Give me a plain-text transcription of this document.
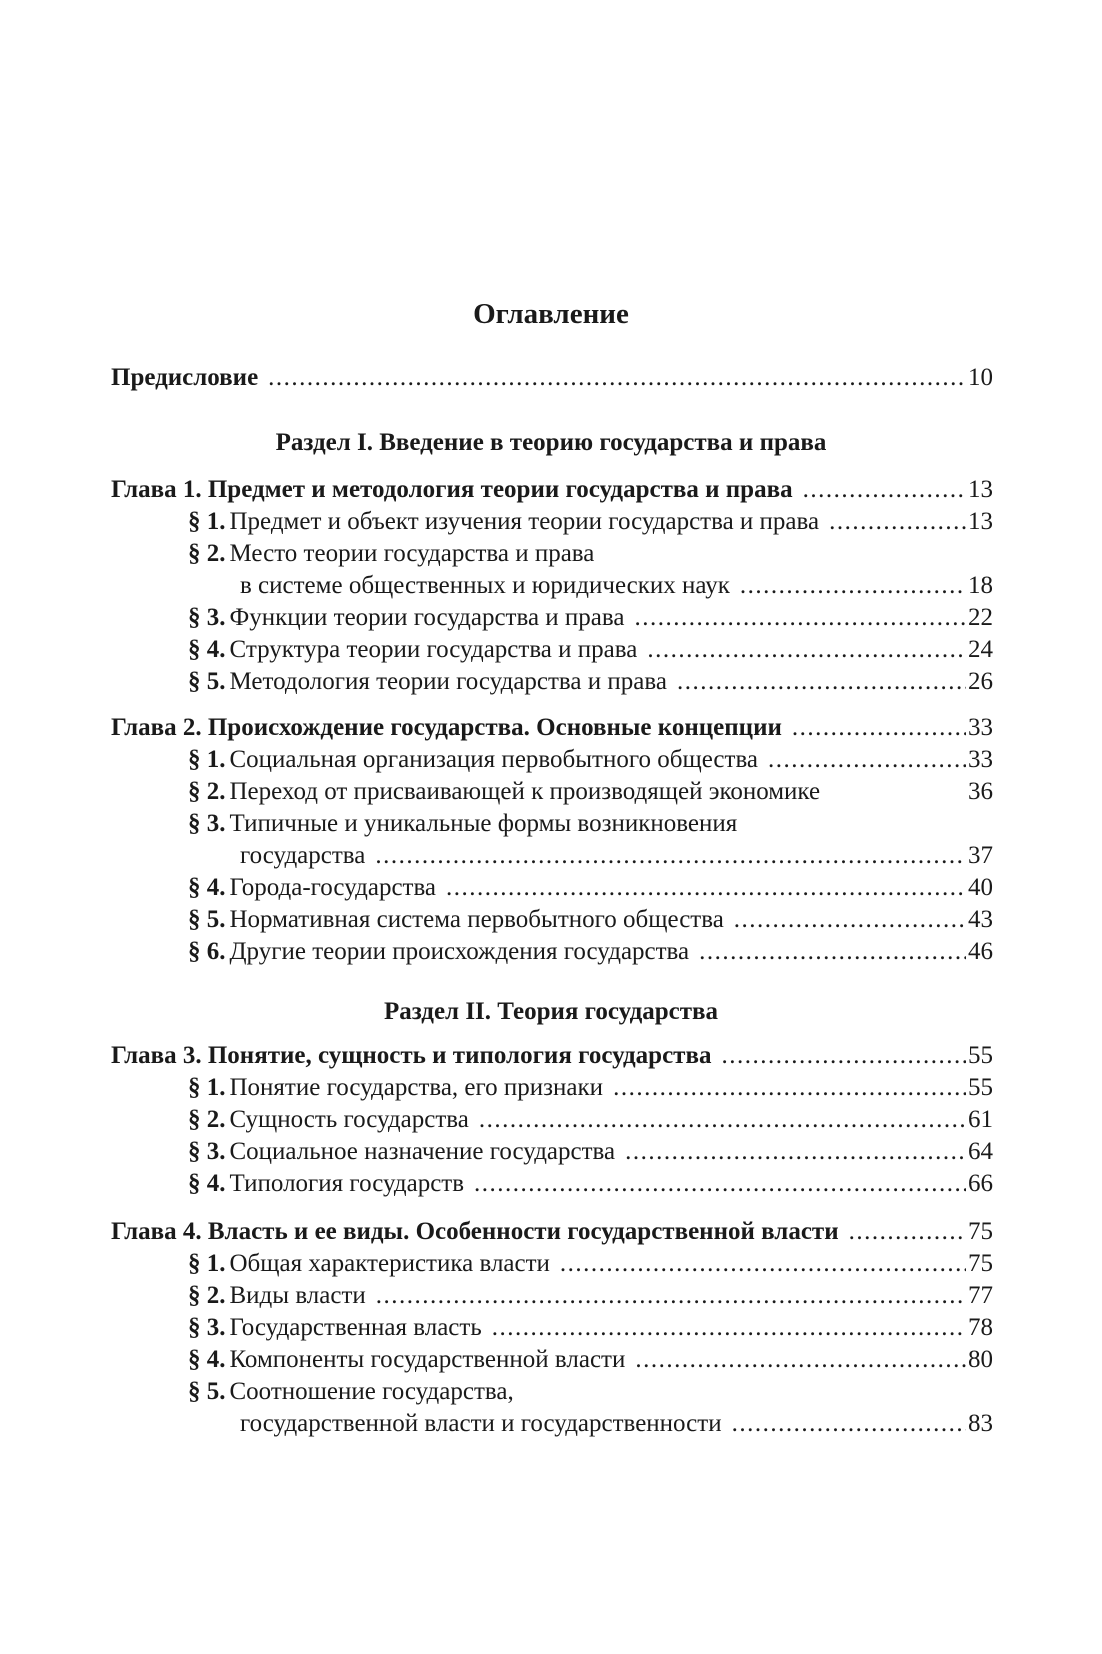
Оглавление
Предисловие .....	10
Раздел I. Введение в теорию государства и права
Глава 1. Предмет и методология теории государства и права .....	13
§ 1. Предмет и объект изучения теории государства и права .....	13
§ 2. Место теории государства и права
в системе общественных и юридических наук .....	18
§ 3. Функции теории государства и права .....	22
§ 4. Структура теории государства и права .....	24
§ 5. Методология теории государства и права .....	26
Глава 2. Происхождение государства. Основные концепции .....	33
§ 1. Социальная организация первобытного общества .....	33
§ 2. Переход от присваивающей к производящей экономике	36
§ 3. Типичные и уникальные формы возникновения
государства .....	37
§ 4. Города-государства .....	40
§ 5. Нормативная система первобытного общества .....	43
§ 6. Другие теории происхождения государства .....	46
Раздел II. Теория государства
Глава 3. Понятие, сущность и типология государства .....	55
§ 1. Понятие государства, его признаки .....	55
§ 2. Сущность государства .....	61
§ 3. Социальное назначение государства .....	64
§ 4. Типология государств .....	66
Глава 4. Власть и ее виды. Особенности государственной власти .....	75
§ 1. Общая характеристика власти .....	75
§ 2. Виды власти .....	77
§ 3. Государственная власть .....	78
§ 4. Компоненты государственной власти .....	80
§ 5. Соотношение государства,
государственной власти и государственности .....	83
